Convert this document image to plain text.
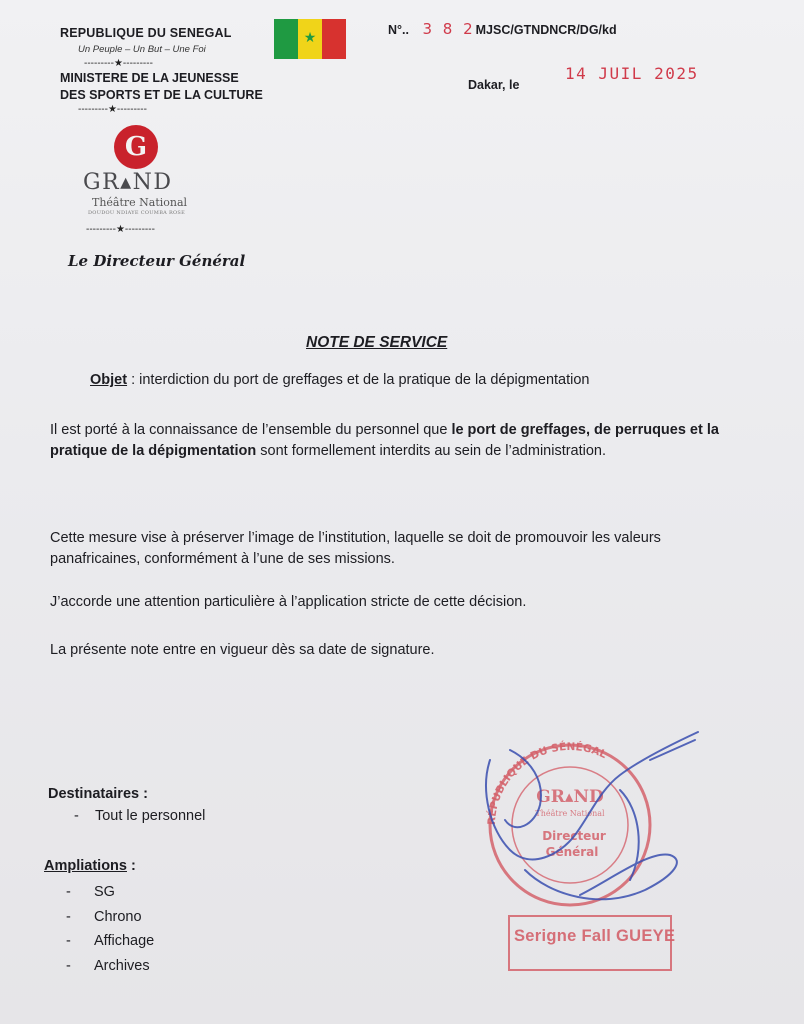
REPUBLIQUE DU SENEGAL
Un Peuple – Un But – Une Foi
---------★---------
MINISTERE DE LA JEUNESSE
DES SPORTS ET DE LA CULTURE
---------★---------
★	N°..   3 8 2MJSC/GTNDNCR/DG/kd
Dakar, le
14 JUIL 2025
G
GR▴ND
Théâtre National
DOUDOU NDIAYE COUMBA ROSE
---------★---------
Le Directeur Général
NOTE DE SERVICE
Objet : interdiction du port de greffages et de la pratique de la dépigmentation
Il est porté à la connaissance de l’ensemble du personnel que le port de greffages, de perruques et la pratique de la dépigmentation sont formellement interdits au sein de l’administration.
Cette mesure vise à préserver l’image de l’institution, laquelle se doit de promouvoir les valeurs panafricaines, conformément à l’une de ses missions.
J’accorde une attention particulière à l’application stricte de cette décision.
La présente note entre en vigueur dès sa date de signature.
Destinataires :
-    Tout le personnel
Ampliations :
- SG
- Chrono
- Affichage
- Archives
RÉPUBLIQUE DU SÉNÉGAL
GR▴ND
Théâtre National
Directeur
Général
Serigne Fall GUEYE
